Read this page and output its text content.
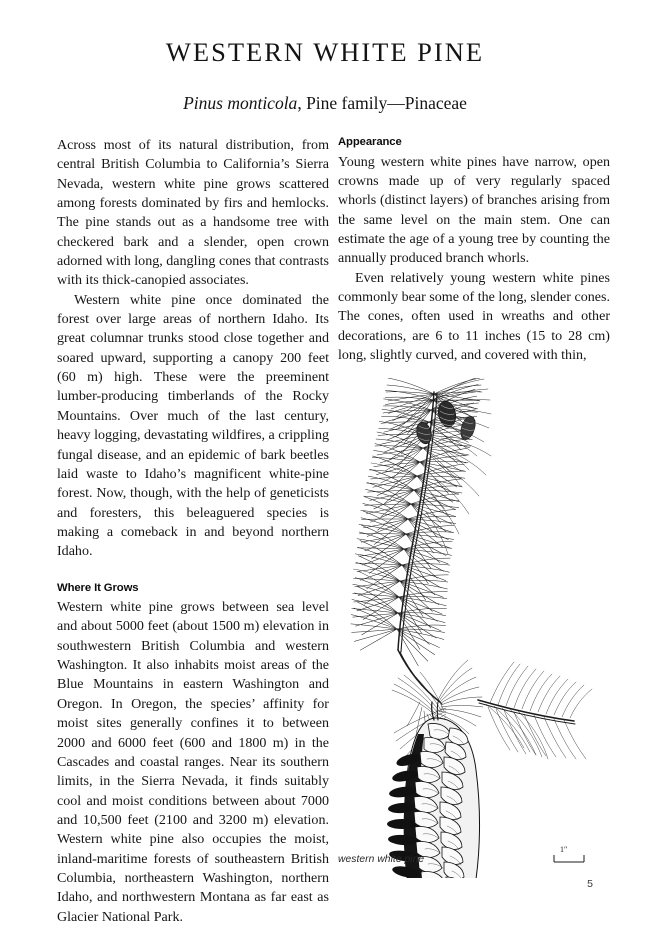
WESTERN WHITE PINE
Pinus monticola, Pine family—Pinaceae

Across most of its natural distribution, from central British Columbia to California’s Sierra Nevada, western white pine grows scattered among forests dominated by firs and hemlocks. The pine stands out as a handsome tree with checkered bark and a slender, open crown adorned with long, dangling cones that contrasts with its thick-canopied associates.

Western white pine once dominated the forest over large areas of northern Idaho. Its great columnar trunks stood close together and soared upward, supporting a canopy 200 feet (60 m) high. These were the preeminent lumber-producing timberlands of the Rocky Mountains. Over much of the last century, heavy logging, devastating wildfires, a crippling fungal disease, and an epidemic of bark beetles laid waste to Idaho’s magnificent white-pine forest. Now, though, with the help of geneticists and foresters, this beleaguered species is making a comeback in and beyond northern Idaho.

Where It Grows

Western white pine grows between sea level and about 5000 feet (about 1500 m) elevation in southwestern British Columbia and western Washington. It also inhabits moist areas of the Blue Mountains in eastern Washington and Oregon. In Oregon, the species’ affinity for moist sites generally confines it to between 2000 and 6000 feet (600 and 1800 m) in the Cascades and coastal ranges. Near its southern limits, in the Sierra Nevada, it finds suitably cool and moist conditions between about 7000 and 10,500 feet (2100 and 3200 m) elevation. Western white pine also occupies the moist, inland-maritime forests of southeastern British Columbia, northeastern Washington, northern Idaho, and northwestern Montana as far east as Glacier National Park.

Appearance

Young western white pines have narrow, open crowns made up of very regularly spaced whorls (distinct layers) of branches arising from the same level on the main stem. One can estimate the age of a young tree by counting the annually produced branch whorls.

Even relatively young western white pines commonly bear some of the long, slender cones. The cones, often used in wreaths and other decorations, are 6 to 11 inches (15 to 28 cm) long, slightly curved, and covered with thin,

1″
western white pine
5
